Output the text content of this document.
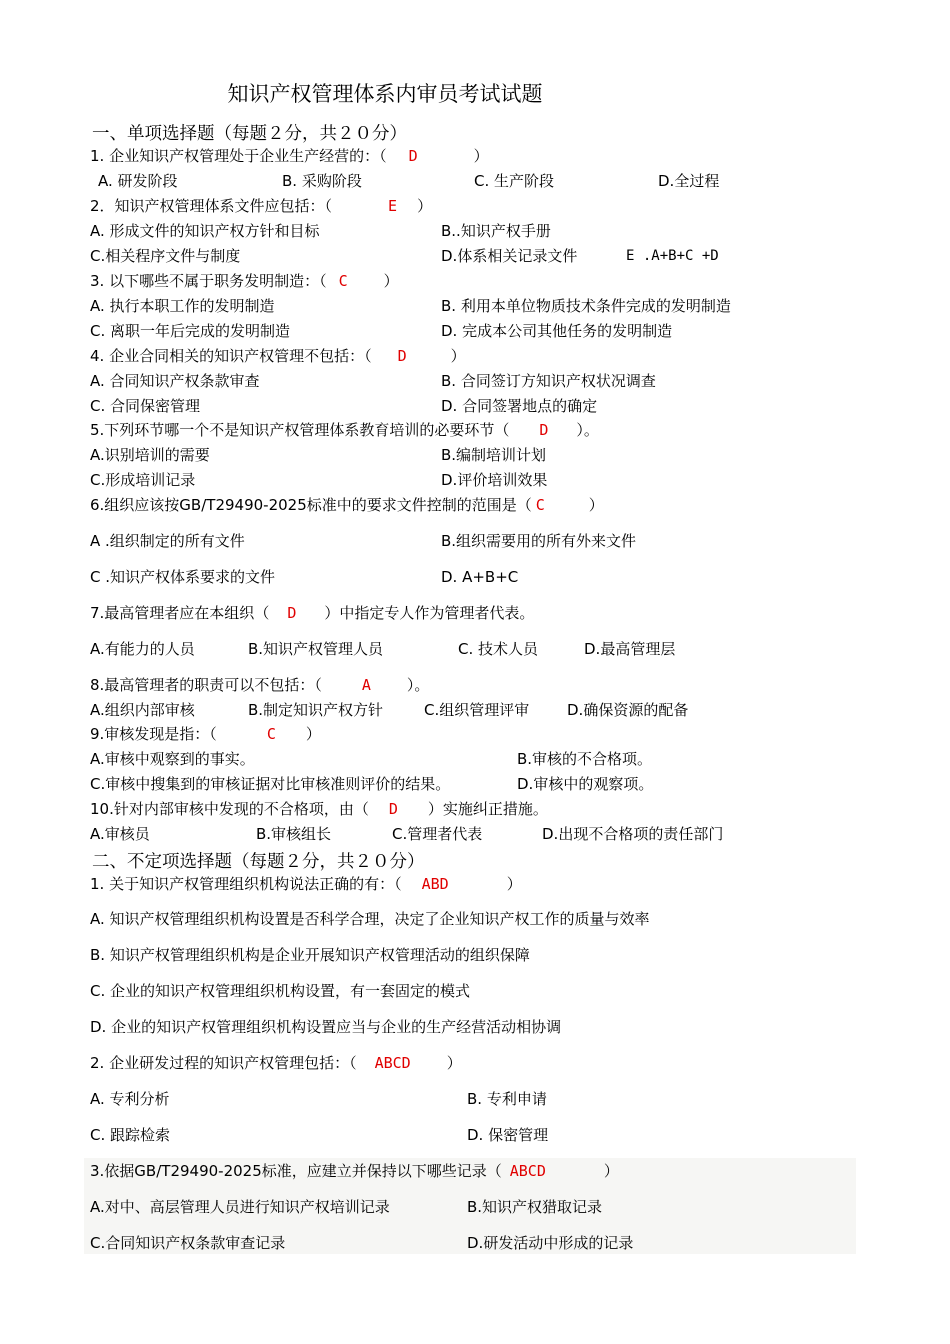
知识产权管理体系内审员考试试题
一、单项选择题（每题２分，共２０分）
1. 企业知识产权管理处于企业生产经营的：（ D	）
A. 研发阶段	B. 采购阶段	C. 生产阶段	D.全过程
2．知识产权管理体系文件应包括：（	E ）
A. 形成文件的知识产权方针和目标	B..知识产权手册
C.相关程序文件与制度	D.体系相关记录文件	E .A+B+C +D
3. 以下哪些不属于职务发明制造：（ C ）
A. 执行本职工作的发明制造	B. 利用本单位物质技术条件完成的发明制造
C. 离职一年后完成的发明制造	D. 完成本公司其他任务的发明制造
4. 企业合同相关的知识产权管理不包括：（ D	）
A. 合同知识产权条款审查	B. 合同签订方知识产权状况调查
C. 合同保密管理	D. 合同签署地点的确定
5.下列环节哪一个不是知识产权管理体系教育培训的必要环节（ D ）。
A.识别培训的需要	B.编制培训计划
C.形成培训记录	D.评价培训效果
6.组织应该按GB/T29490-2025标准中的要求文件控制的范围是（ C	）
A .组织制定的所有文件	B.组织需要用的所有外来文件
C .知识产权体系要求的文件	D. A+B+C
7.最高管理者应在本组织（ D ）中指定专人作为管理者代表。
A.有能力的人员	B.知识产权管理人员	C. 技术人员	D.最高管理层
8.最高管理者的职责可以不包括：（	A ）。
A.组织内部审核	B.制定知识产权方针	C.组织管理评审	D.确保资源的配备
9.审核发现是指：（	C ）
A.审核中观察到的事实。	B.审核的不合格项。
C.审核中搜集到的审核证据对比审核准则评价的结果。	D.审核中的观察项。
10.针对内部审核中发现的不合格项，由（ D ）实施纠正措施。
A.审核员	B.审核组长	C.管理者代表	D.出现不合格项的责任部门
二、不定项选择题（每题２分，共２０分）
1. 关于知识产权管理组织机构说法正确的有：（ ABD	）
A. 知识产权管理组织机构设置是否科学合理，决定了企业知识产权工作的质量与效率
B. 知识产权管理组织机构是企业开展知识产权管理活动的组织保障
C. 企业的知识产权管理组织机构设置，有一套固定的模式
D. 企业的知识产权管理组织机构设置应当与企业的生产经营活动相协调
2. 企业研发过程的知识产权管理包括：（ ABCD ）
A. 专利分析	B. 专利申请
C. 跟踪检索	D. 保密管理
3.依据GB/T29490-2025标准，应建立并保持以下哪些记录（ ABCD	）
A.对中、高层管理人员进行知识产权培训记录	B.知识产权猎取记录
C.合同知识产权条款审查记录	D.研发活动中形成的记录
